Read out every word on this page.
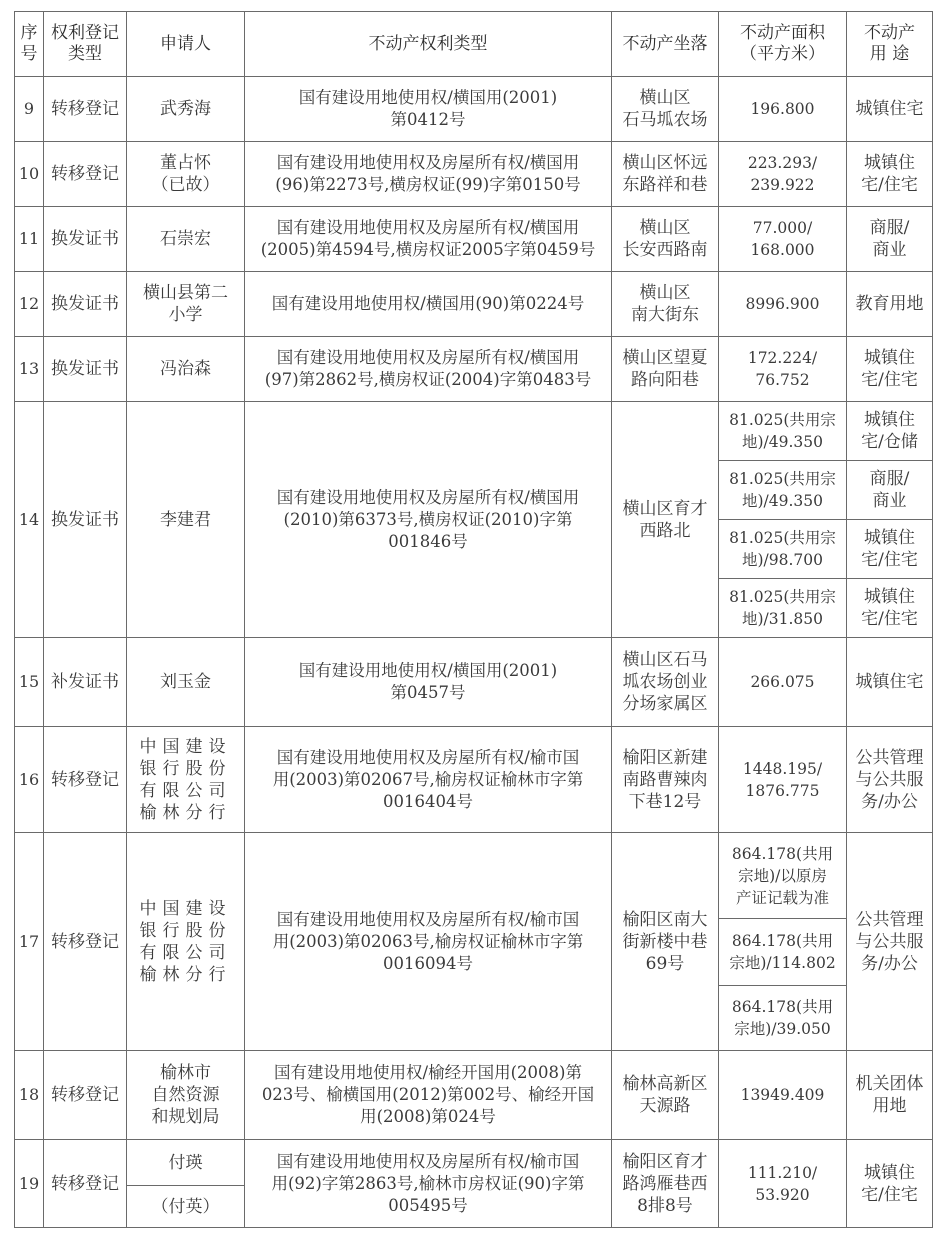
序
号	权利登记
类型	申请人	不动产权利类型	不动产坐落	不动产面积
（平方米）	不动产
用 途
9	转移登记	武秀海	国有建设用地使用权/横国用(2001)
第0412号	横山区
石马坬农场	196.800	城镇住宅
10	转移登记	董占怀
（已故）	国有建设用地使用权及房屋所有权/横国用
(96)第2273号,横房权证(99)字第0150号	横山区怀远
东路祥和巷	223.293/
239.922	城镇住
宅/住宅
11	换发证书	石崇宏	国有建设用地使用权及房屋所有权/横国用
(2005)第4594号,横房权证2005字第0459号	横山区
长安西路南	77.000/
168.000	商服/
商业
12	换发证书	横山县第二
小学	国有建设用地使用权/横国用(90)第0224号	横山区
南大街东	8996.900	教育用地
13	换发证书	冯治森	国有建设用地使用权及房屋所有权/横国用
(97)第2862号,横房权证(2004)字第0483号	横山区望夏
路向阳巷	172.224/
76.752	城镇住
宅/住宅
14	换发证书	李建君	国有建设用地使用权及房屋所有权/横国用
(2010)第6373号,横房权证(2010)字第
001846号	横山区育才
西路北	81.025(共用宗
地)/49.350	城镇住
宅/仓储
					81.025(共用宗
地)/49.350	商服/
商业
					81.025(共用宗
地)/98.700	城镇住
宅/住宅
					81.025(共用宗
地)/31.850	城镇住
宅/住宅
15	补发证书	刘玉金	国有建设用地使用权/横国用(2001)
第0457号	横山区石马
坬农场创业
分场家属区	266.075	城镇住宅
16	转移登记	中国建设
银行股份
有限公司
榆林分行	国有建设用地使用权及房屋所有权/榆市国
用(2003)第02067号,榆房权证榆林市字第
0016404号	榆阳区新建
南路曹辣肉
下巷12号	1448.195/
1876.775	公共管理
与公共服
务/办公
17	转移登记	中国建设
银行股份
有限公司
榆林分行	国有建设用地使用权及房屋所有权/榆市国
用(2003)第02063号,榆房权证榆林市字第
0016094号	榆阳区南大
街新楼中巷
69号	864.178(共用
宗地)/以原房
产证记载为准	公共管理
与公共服
务/办公
					864.178(共用
宗地)/114.802	
					864.178(共用
宗地)/39.050	
18	转移登记	榆林市
自然资源
和规划局	国有建设用地使用权/榆经开国用(2008)第
023号、榆横国用(2012)第002号、榆经开国
用(2008)第024号	榆林高新区
天源路	13949.409	机关团体
用地
19	转移登记	付瑛	国有建设用地使用权及房屋所有权/榆市国
用(92)字第2863号,榆林市房权证(90)字第
005495号	榆阳区育才
路鸿雁巷西
8排8号	111.210/
53.920	城镇住
宅/住宅
		（付英）				
